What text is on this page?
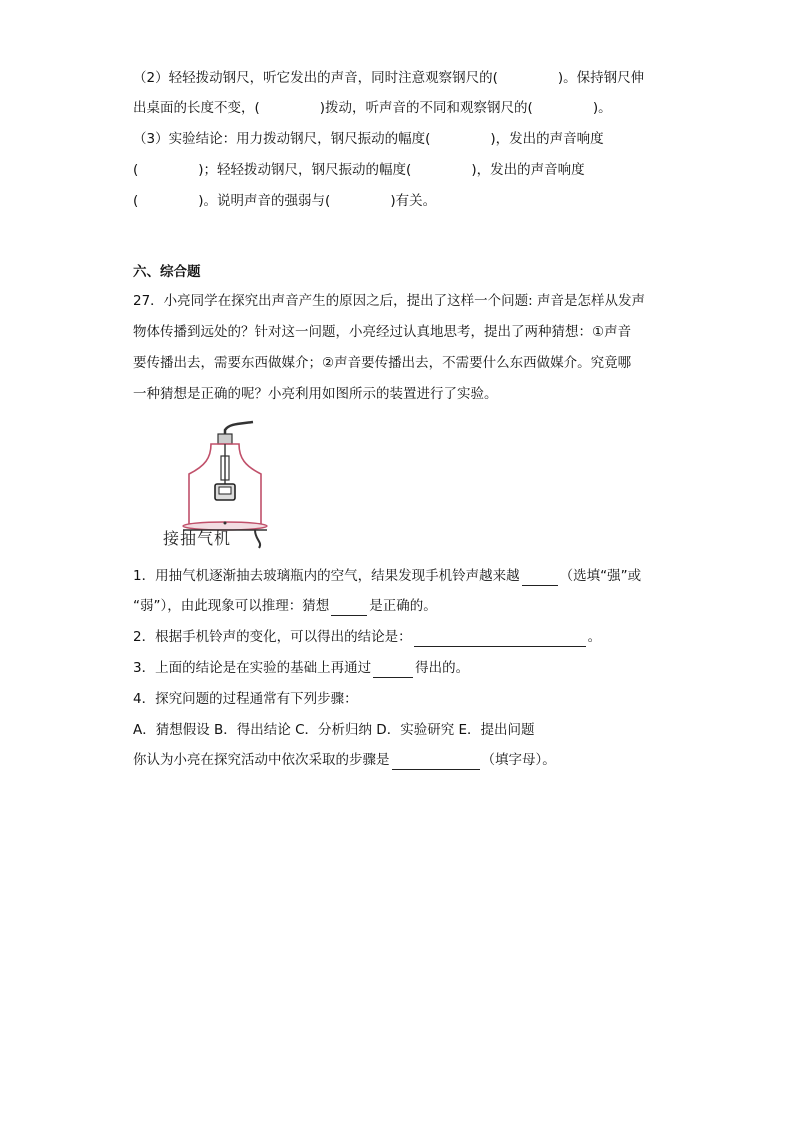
（2）轻轻拨动钢尺，听它发出的声音，同时注意观察钢尺的(	)。保持钢尺伸
出桌面的长度不变，(	)拨动，听声音的不同和观察钢尺的(	)。
（3）实验结论：用力拨动钢尺，钢尺振动的幅度(	)，发出的声音响度
(	)；轻轻拨动钢尺，钢尺振动的幅度(	)，发出的声音响度
(	)。说明声音的强弱与(	)有关。
六、综合题
27．小亮同学在探究出声音产生的原因之后，提出了这样一个问题: 声音是怎样从发声
物体传播到远处的？针对这一问题，小亮经过认真地思考，提出了两种猜想：①声音
要传播出去，需要东西做媒介；②声音要传播出去，不需要什么东西做媒介。究竟哪
一种猜想是正确的呢？小亮利用如图所示的装置进行了实验。
接抽气机
1．用抽气机逐渐抽去玻璃瓶内的空气，结果发现手机铃声越来越	（选填“强”或
“弱”），由此现象可以推理：猜想	是正确的。
2．根据手机铃声的变化，可以得出的结论是：	。
3．上面的结论是在实验的基础上再通过	得出的。
4．探究问题的过程通常有下列步骤：
A．猜想假设 B．得出结论 C．分析归纳 D．实验研究 E．提出问题
你认为小亮在探究活动中依次采取的步骤是	（填字母）。
